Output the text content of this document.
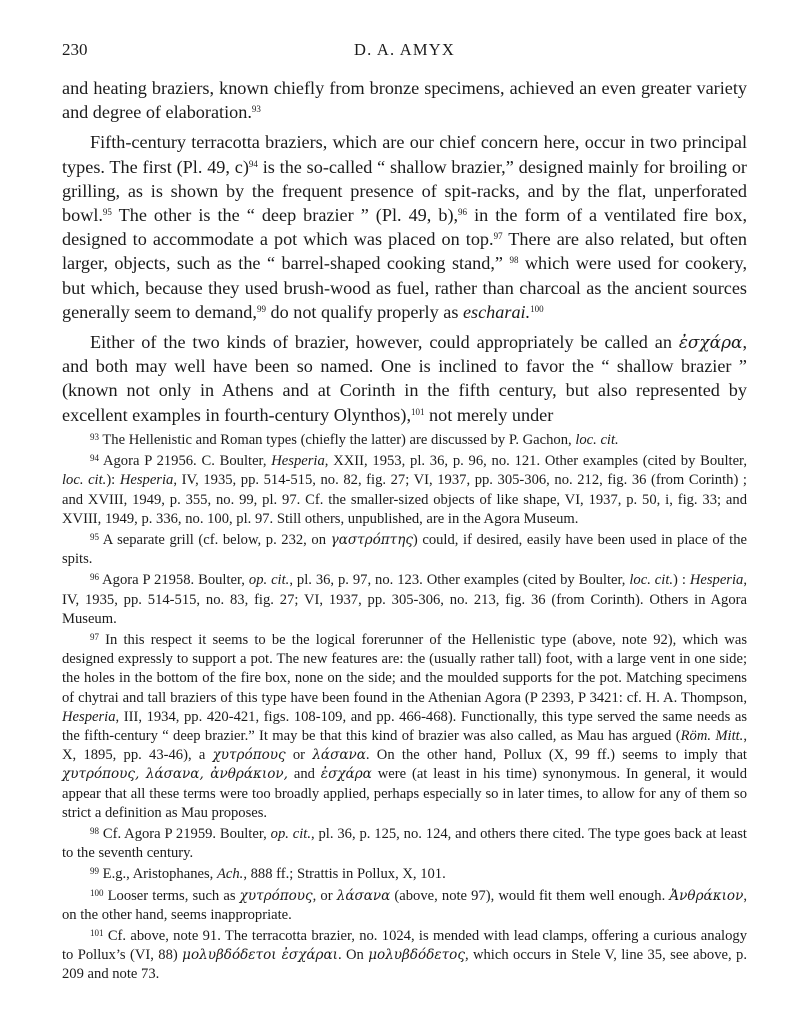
230	D. A. AMYX

and heating braziers, known chiefly from bronze specimens, achieved an even greater variety and degree of elaboration.$^{93}$

Fifth-century terracotta braziers, which are our chief concern here, occur in two principal types. The first (Pl. 49, c)$^{94}$ is the so-called “ shallow brazier,” designed mainly for broiling or grilling, as is shown by the frequent presence of spit-racks, and by the flat, unperforated bowl.$^{95}$ The other is the “ deep brazier ” (Pl. 49, b),$^{96}$ in the form of a ventilated fire box, designed to accommodate a pot which was placed on top.$^{97}$ There are also related, but often larger, objects, such as the “ barrel-shaped cooking stand,” $^{98}$ which were used for cookery, but which, because they used brush-wood as fuel, rather than charcoal as the ancient sources generally seem to demand,$^{99}$ do not qualify properly as escharai.$^{100}$

Either of the two kinds of brazier, however, could appropriately be called an ἐσχάρα, and both may well have been so named. One is inclined to favor the “ shallow brazier ” (known not only in Athens and at Corinth in the fifth century, but also represented by excellent examples in fourth-century Olynthos),$^{101}$ not merely under

$^{93}$ The Hellenistic and Roman types (chiefly the latter) are discussed by P. Gachon, loc. cit.

$^{94}$ Agora P 21956. C. Boulter, Hesperia, XXII, 1953, pl. 36, p. 96, no. 121. Other examples (cited by Boulter, loc. cit.): Hesperia, IV, 1935, pp. 514-515, no. 82, fig. 27; VI, 1937, pp. 305-306, no. 212, fig. 36 (from Corinth) ; and XVIII, 1949, p. 355, no. 99, pl. 97. Cf. the smaller-sized objects of like shape, VI, 1937, p. 50, i, fig. 33; and XVIII, 1949, p. 336, no. 100, pl. 97. Still others, unpublished, are in the Agora Museum.

$^{95}$ A separate grill (cf. below, p. 232, on γαστρόπτης) could, if desired, easily have been used in place of the spits.

$^{96}$ Agora P 21958. Boulter, op. cit., pl. 36, p. 97, no. 123. Other examples (cited by Boulter, loc. cit.) : Hesperia, IV, 1935, pp. 514-515, no. 83, fig. 27; VI, 1937, pp. 305-306, no. 213, fig. 36 (from Corinth). Others in Agora Museum.

$^{97}$ In this respect it seems to be the logical forerunner of the Hellenistic type (above, note 92), which was designed expressly to support a pot. The new features are: the (usually rather tall) foot, with a large vent in one side; the holes in the bottom of the fire box, none on the side; and the moulded supports for the pot. Matching specimens of chytrai and tall braziers of this type have been found in the Athenian Agora (P 2393, P 3421: cf. H. A. Thompson, Hesperia, III, 1934, pp. 420-421, figs. 108-109, and pp. 466-468). Functionally, this type served the same needs as the fifth-century “ deep brazier.” It may be that this kind of brazier was also called, as Mau has argued (Röm. Mitt., X, 1895, pp. 43-46), a χυτρόπους or λάσανα. On the other hand, Pollux (X, 99 ff.) seems to imply that χυτρόπους, λάσανα, ἀνθράκιον, and ἐσχάρα were (at least in his time) synonymous. In general, it would appear that all these terms were too broadly applied, perhaps especially so in later times, to allow for any of them so strict a definition as Mau proposes.

$^{98}$ Cf. Agora P 21959. Boulter, op. cit., pl. 36, p. 125, no. 124, and others there cited. The type goes back at least to the seventh century.

$^{99}$ E.g., Aristophanes, Ach., 888 ff.; Strattis in Pollux, X, 101.

$^{100}$ Looser terms, such as χυτρόπους, or λάσανα (above, note 97), would fit them well enough. Ἀνθράκιον, on the other hand, seems inappropriate.

$^{101}$ Cf. above, note 91. The terracotta brazier, no. 1024, is mended with lead clamps, offering a curious analogy to Pollux’s (VI, 88) μολυβδόδετοι ἐσχάραι. On μολυβδόδετος, which occurs in Stele V, line 35, see above, p. 209 and note 73.
